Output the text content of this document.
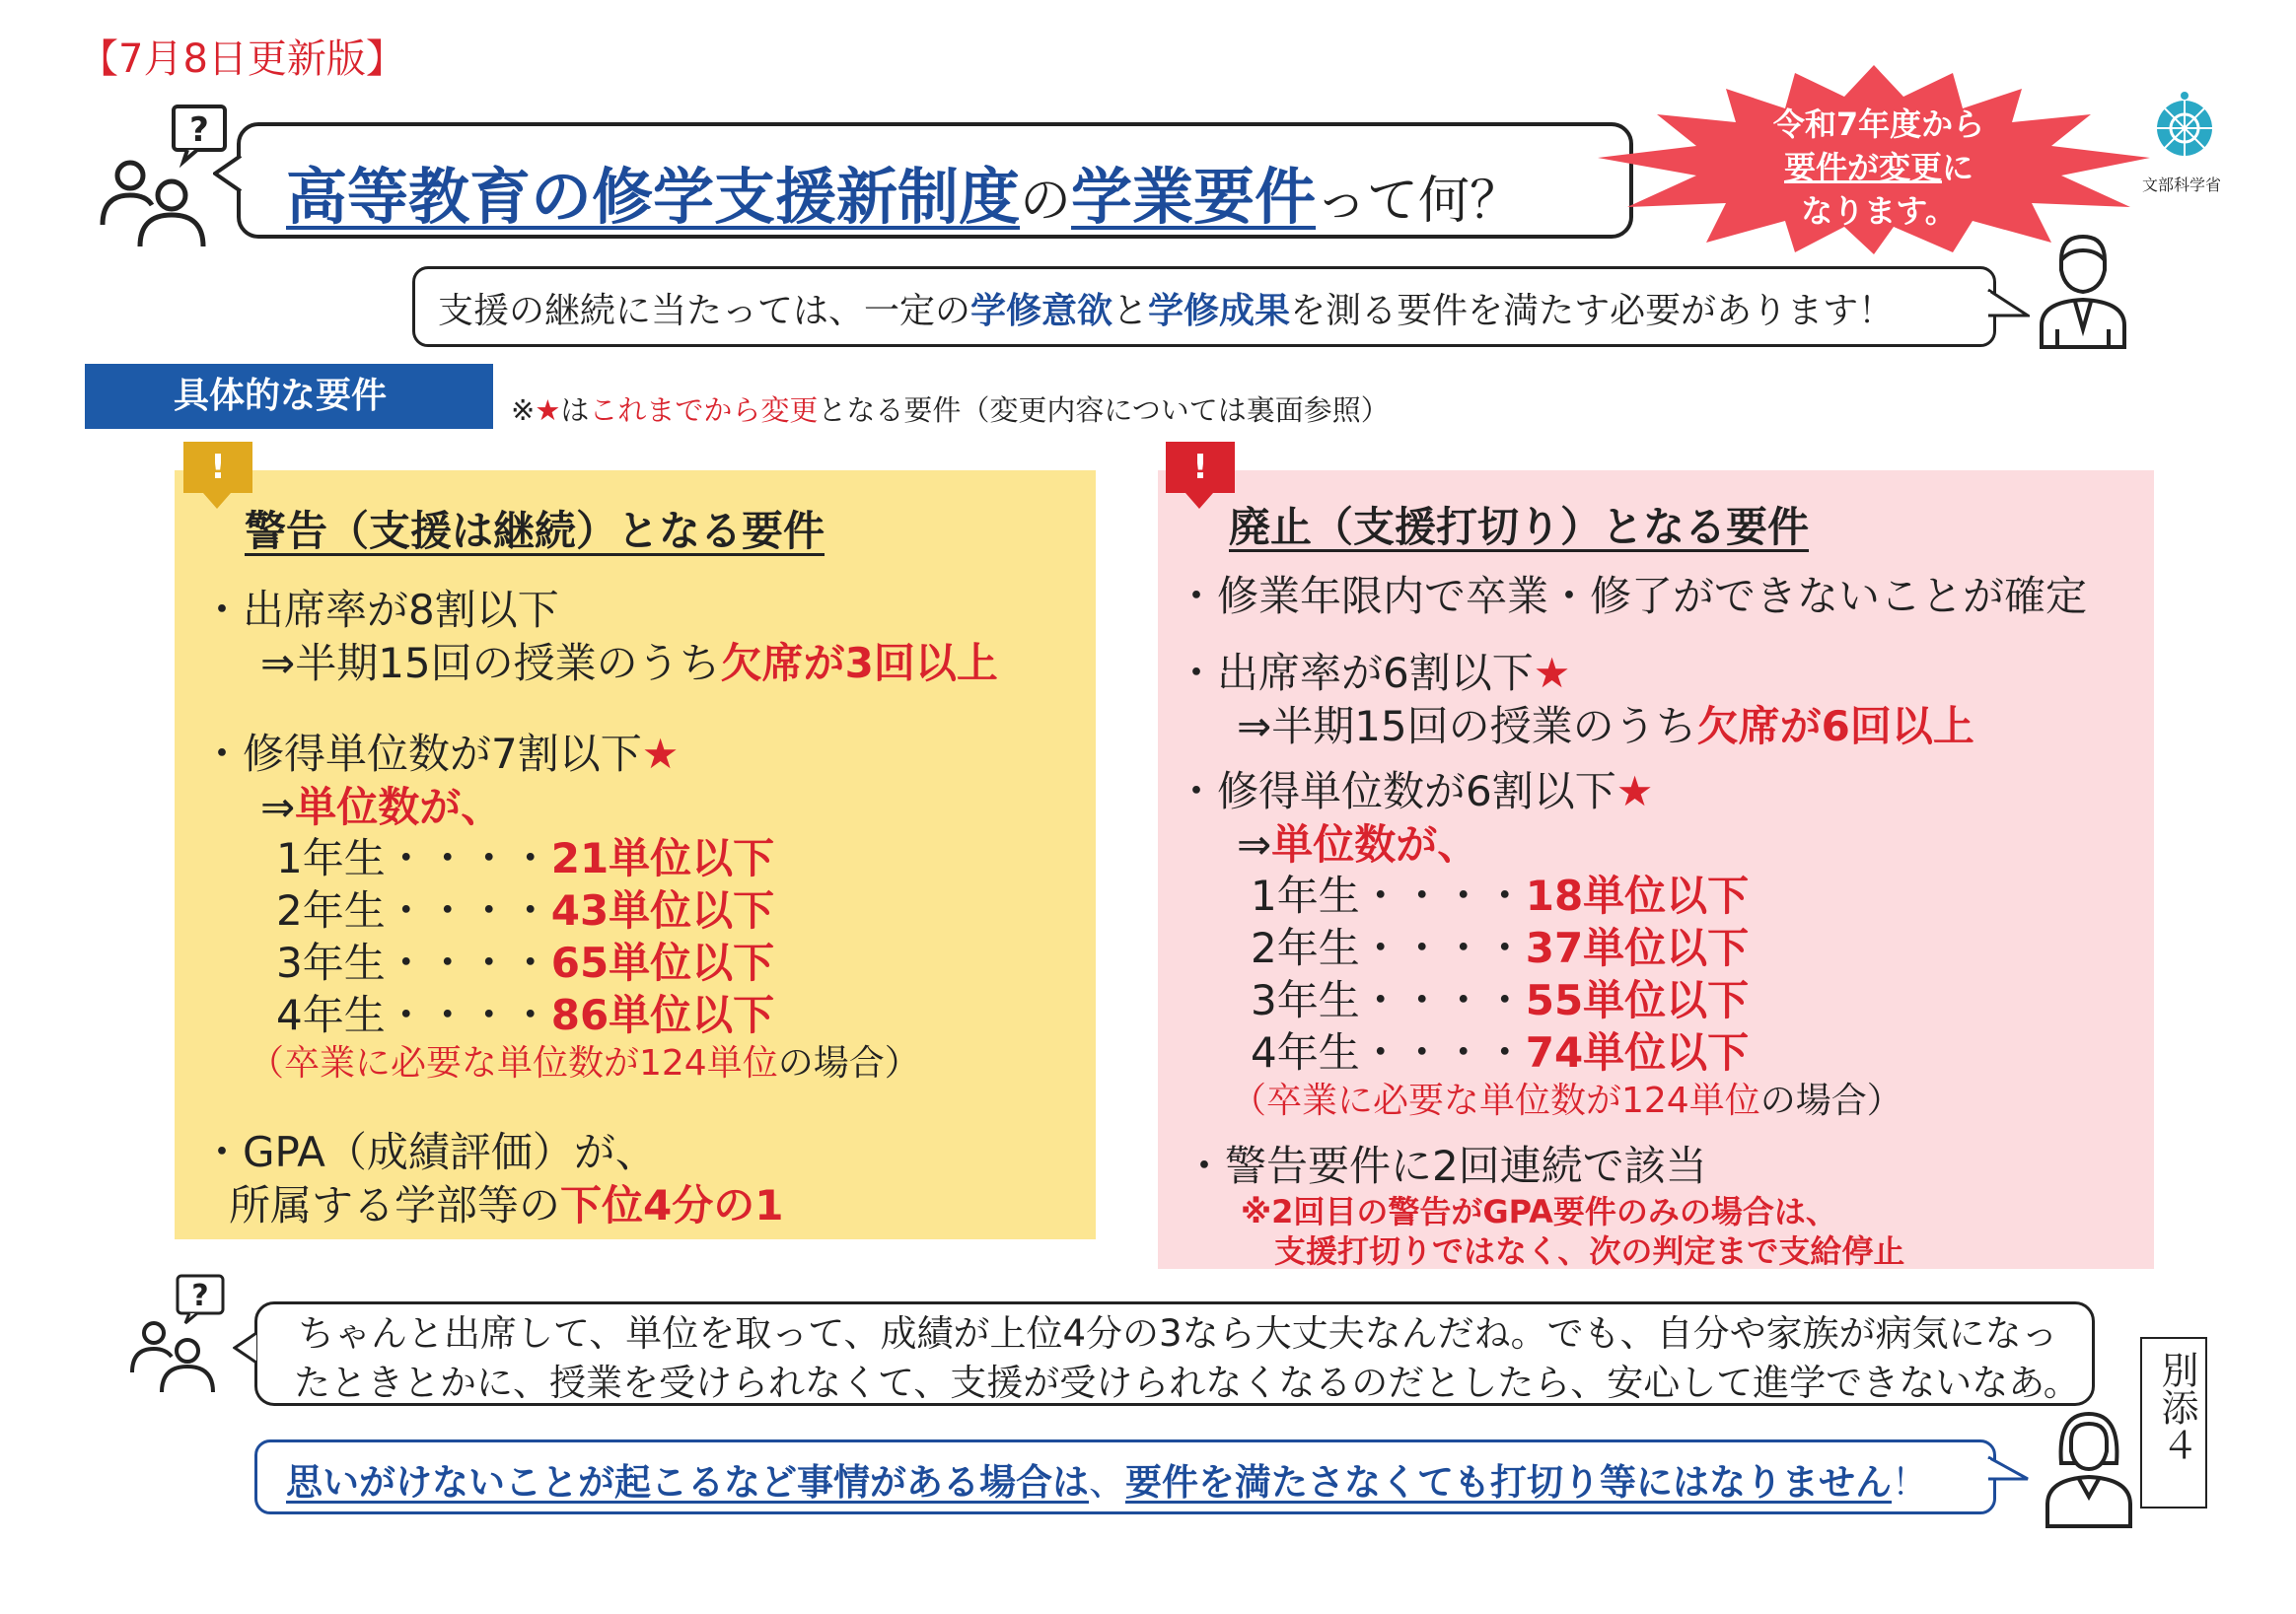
【7月8日更新版】
?
高等教育の修学支援新制度の学業要件って何？
令和7年度から
要件が変更に
なります。
文部科学省
支援の継続に当たっては、一定の学修意欲と学修成果を測る要件を満たす必要があります！
具体的な要件	※★はこれまでから変更となる要件（変更内容については裏面参照）
!
警告（支援は継続）となる要件
・出席率が8割以下
⇒半期15回の授業のうち欠席が3回以上
・修得単位数が7割以下★
⇒単位数が、
1年生・・・・21単位以下
2年生・・・・43単位以下
3年生・・・・65単位以下
4年生・・・・86単位以下
（卒業に必要な単位数が124単位の場合）
・GPA（成績評価）が、
所属する学部等の下位4分の1
!
廃止（支援打切り）となる要件
・修業年限内で卒業・修了ができないことが確定
・出席率が6割以下★
⇒半期15回の授業のうち欠席が6回以上
・修得単位数が6割以下★
⇒単位数が、
1年生・・・・18単位以下
2年生・・・・37単位以下
3年生・・・・55単位以下
4年生・・・・74単位以下
（卒業に必要な単位数が124単位の場合）
・警告要件に2回連続で該当
※2回目の警告がGPA要件のみの場合は、
支援打切りではなく、次の判定まで支給停止
?
ちゃんと出席して、単位を取って、成績が上位4分の3なら大丈夫なんだね。でも、自分や家族が病気になっ
たときとかに、授業を受けられなくて、支援が受けられなくなるのだとしたら、安心して進学できないなあ。
思いがけないことが起こるなど事情がある場合は、要件を満たさなくても打切り等にはなりません！
別添４
